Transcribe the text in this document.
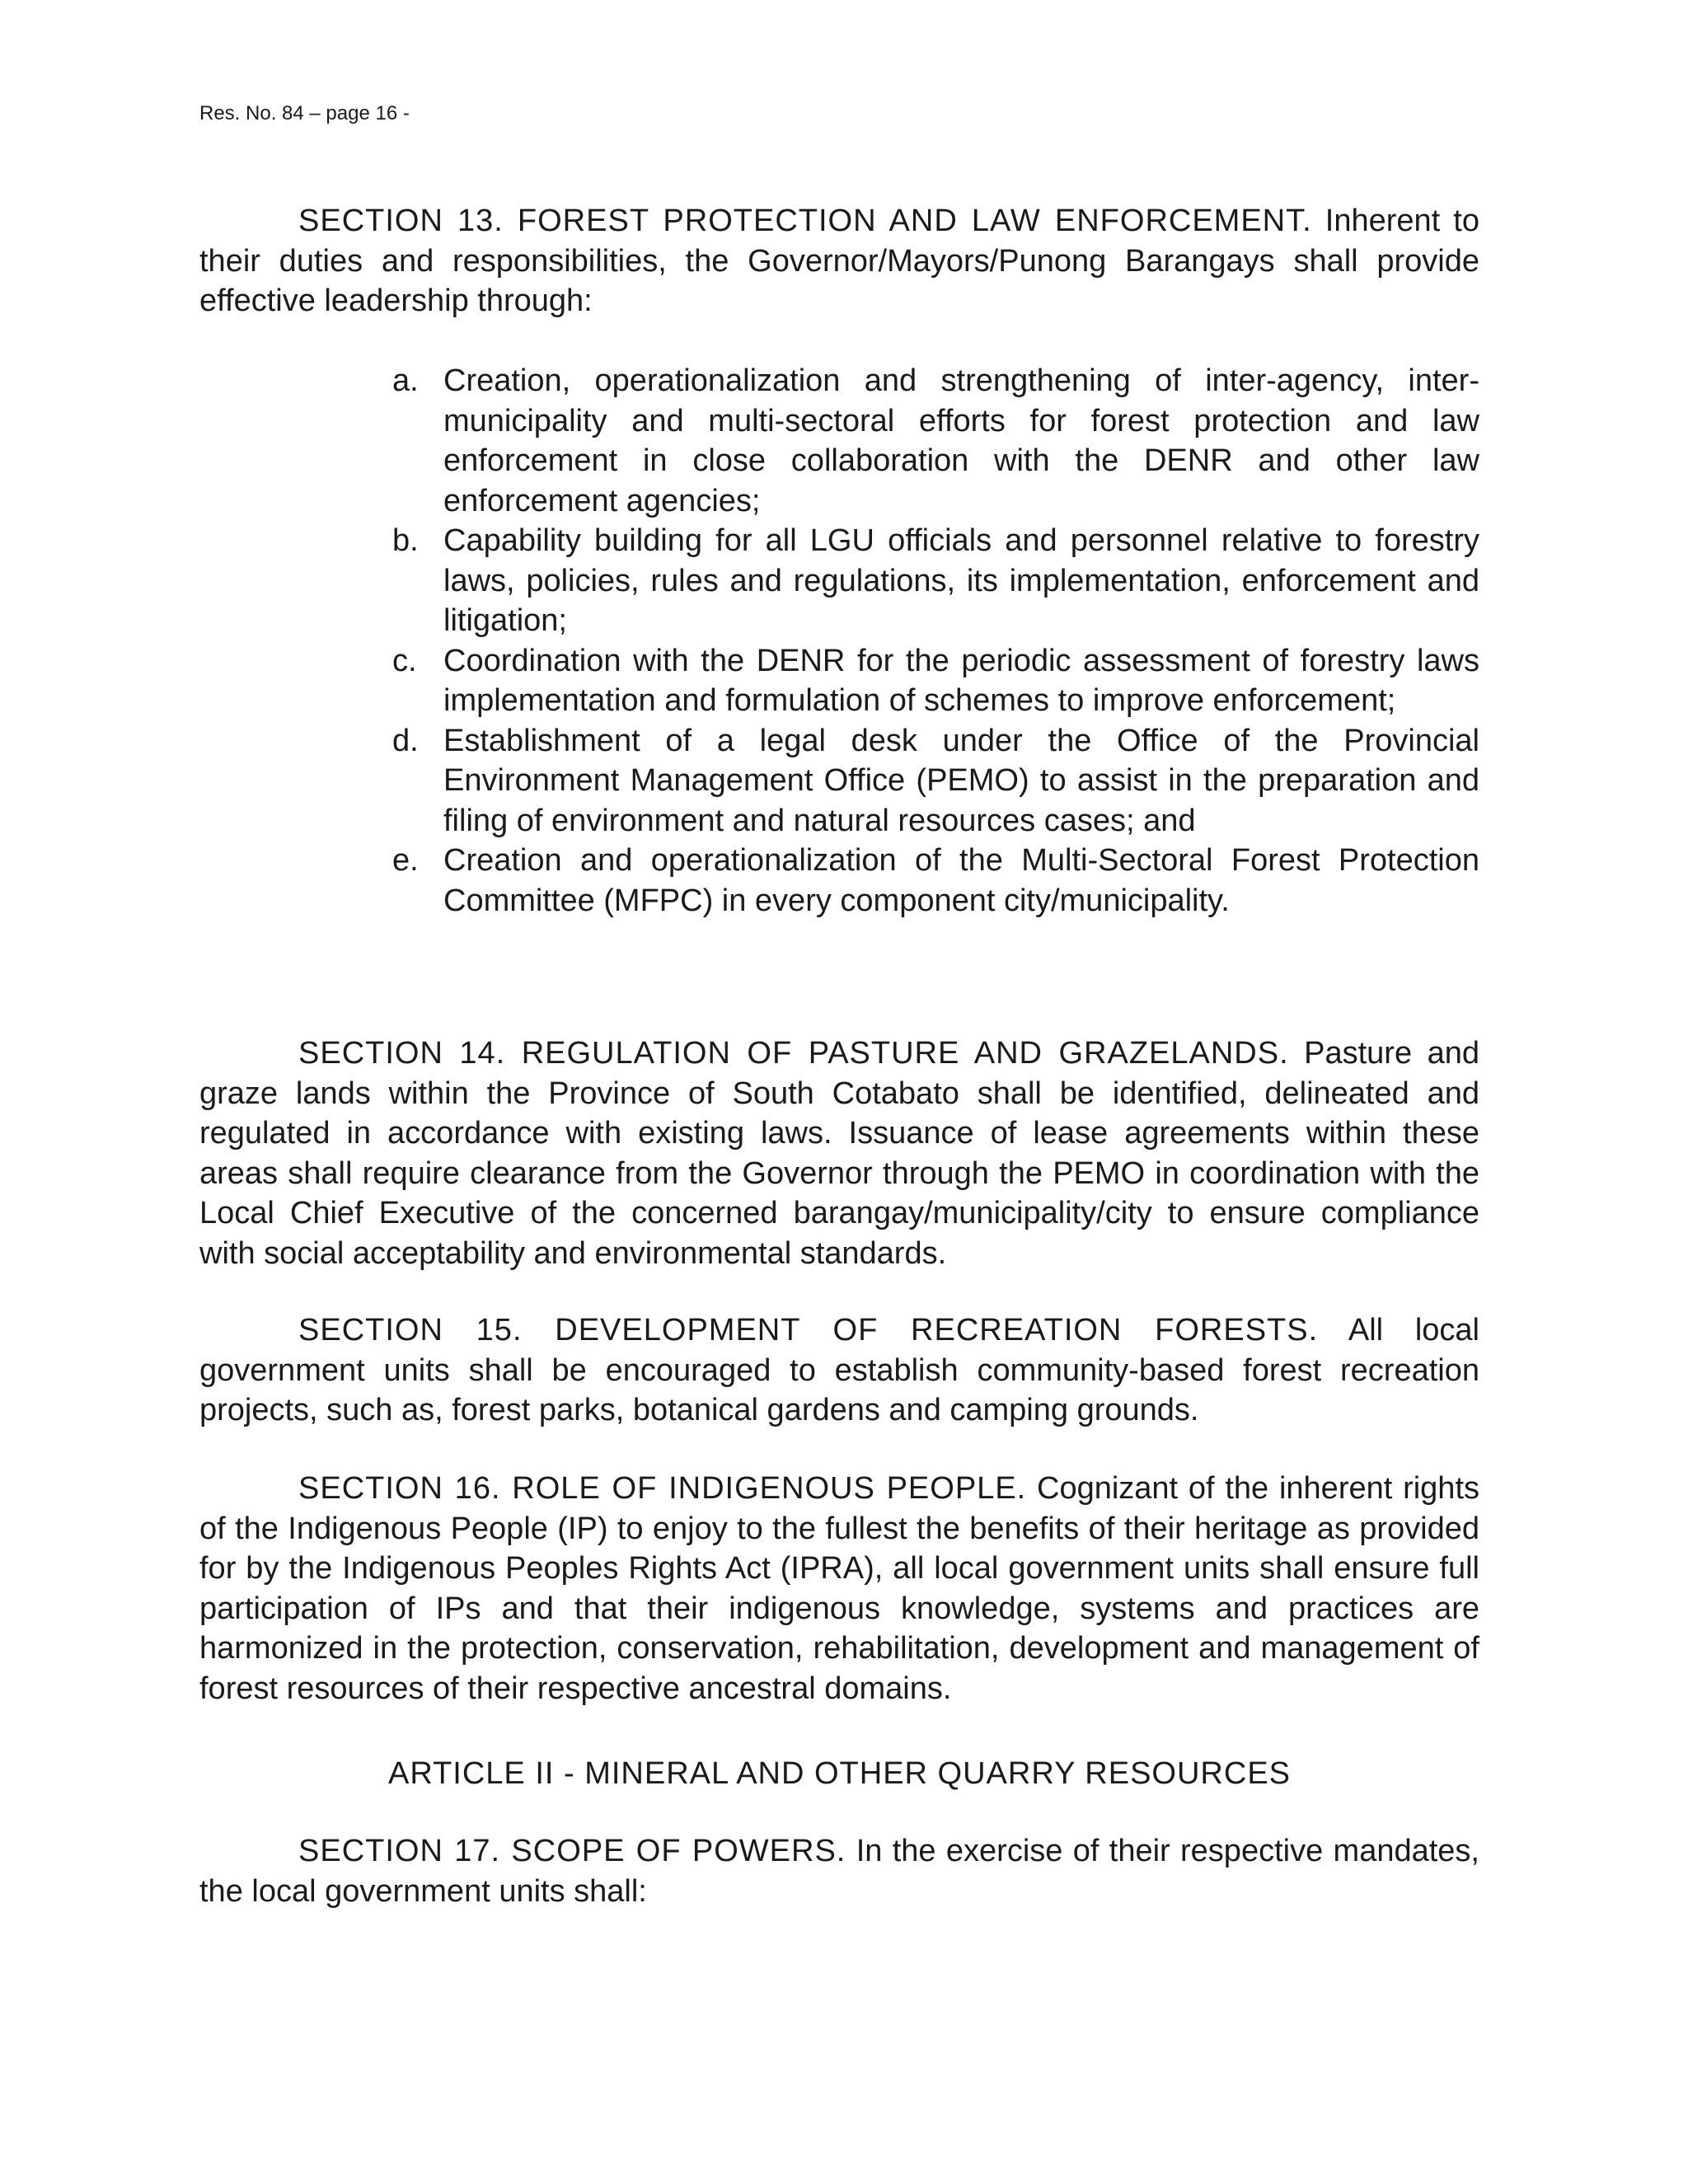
Res. No. 84 – page 16 -

SECTION 13. FOREST PROTECTION AND LAW ENFORCEMENT. Inherent to their duties and responsibilities, the Governor/Mayors/Punong Barangays shall provide effective leadership through:

a. Creation, operationalization and strengthening of inter-agency, inter-municipality and multi-sectoral efforts for forest protection and law enforcement in close collaboration with the DENR and other law enforcement agencies;
b. Capability building for all LGU officials and personnel relative to forestry laws, policies, rules and regulations, its implementation, enforcement and litigation;
c. Coordination with the DENR for the periodic assessment of forestry laws implementation and formulation of schemes to improve enforcement;
d. Establishment of a legal desk under the Office of the Provincial Environment Management Office (PEMO) to assist in the preparation and filing of environment and natural resources cases; and
e. Creation and operationalization of the Multi-Sectoral Forest Protection Committee (MFPC) in every component city/municipality.

SECTION 14. REGULATION OF PASTURE AND GRAZELANDS. Pasture and graze lands within the Province of South Cotabato shall be identified, delineated and regulated in accordance with existing laws. Issuance of lease agreements within these areas shall require clearance from the Governor through the PEMO in coordination with the Local Chief Executive of the concerned barangay/municipality/city to ensure compliance with social acceptability and environmental standards.

SECTION 15. DEVELOPMENT OF RECREATION FORESTS. All local government units shall be encouraged to establish community-based forest recreation projects, such as, forest parks, botanical gardens and camping grounds.

SECTION 16. ROLE OF INDIGENOUS PEOPLE. Cognizant of the inherent rights of the Indigenous People (IP) to enjoy to the fullest the benefits of their heritage as provided for by the Indigenous Peoples Rights Act (IPRA), all local government units shall ensure full participation of IPs and that their indigenous knowledge, systems and practices are harmonized in the protection, conservation, rehabilitation, development and management of forest resources of their respective ancestral domains.

ARTICLE II - MINERAL AND OTHER QUARRY RESOURCES

SECTION 17. SCOPE OF POWERS. In the exercise of their respective mandates, the local government units shall:
